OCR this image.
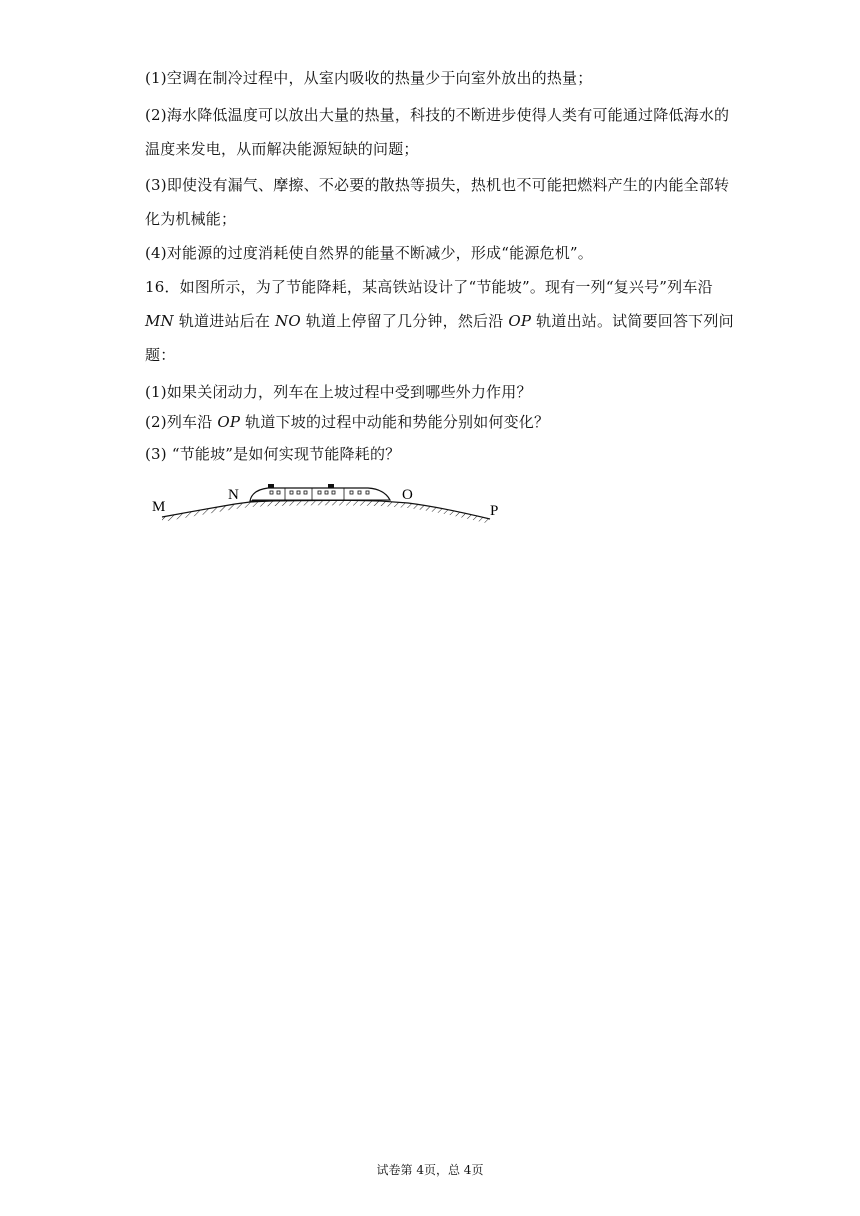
(1)空调在制冷过程中，从室内吸收的热量少于向室外放出的热量；
(2)海水降低温度可以放出大量的热量，科技的不断进步使得人类有可能通过降低海水的
温度来发电，从而解决能源短缺的问题；
(3)即使没有漏气、摩擦、不必要的散热等损失，热机也不可能把燃料产生的内能全部转
化为机械能；
(4)对能源的过度消耗使自然界的能量不断减少，形成“能源危机”。
16．如图所示，为了节能降耗，某高铁站设计了“节能坡”。现有一列“复兴号”列车沿
MN 轨道进站后在 NO 轨道上停留了几分钟，然后沿 OP 轨道出站。试简要回答下列问
题：
(1)如果关闭动力，列车在上坡过程中受到哪些外力作用？
(2)列车沿 OP 轨道下坡的过程中动能和势能分别如何变化？
(3) “节能坡”是如何实现节能降耗的？
M
N	O
P
试卷第 4页，总 4页
